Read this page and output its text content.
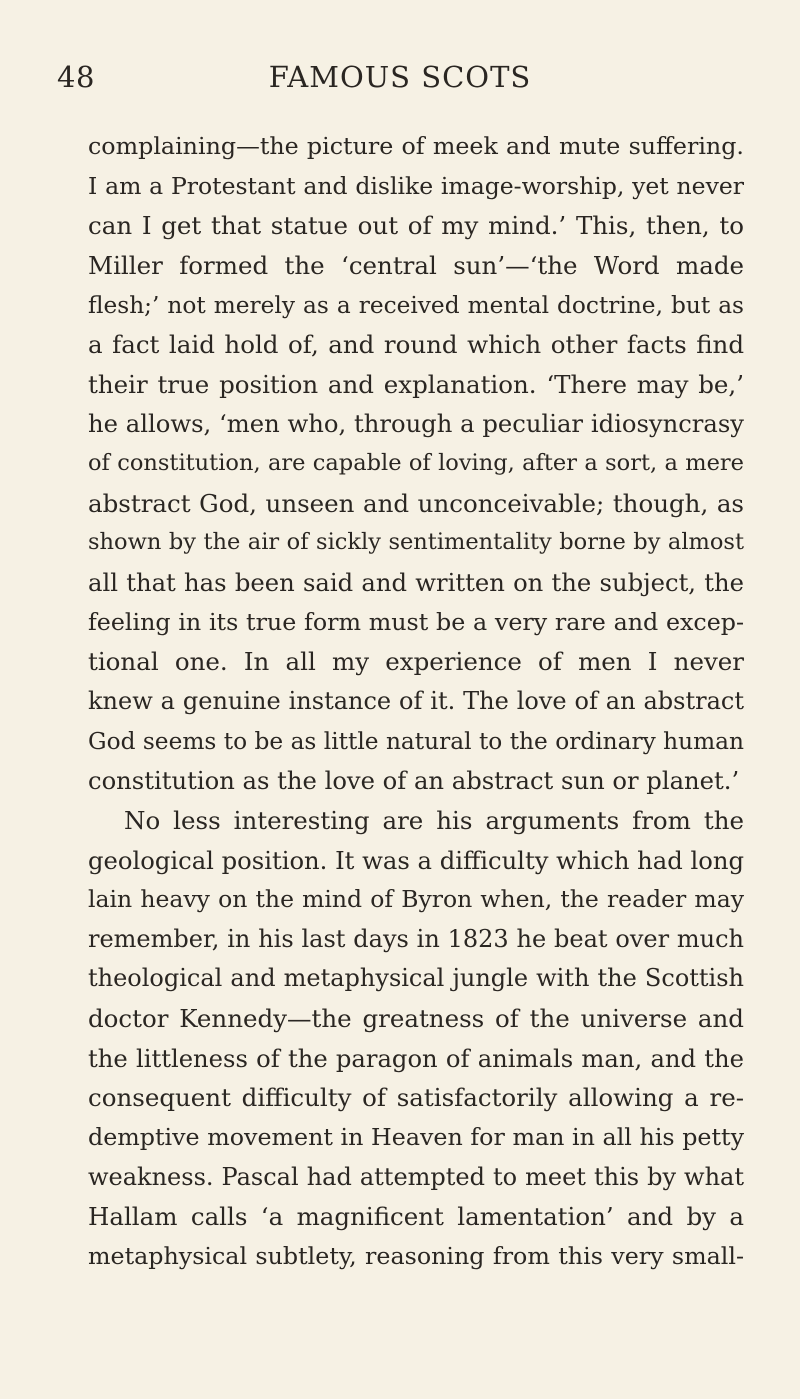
48	FAMOUS SCOTS
complaining—the picture of meek and mute suffering.
I am a Protestant and dislike image-worship, yet never
can I get that statue out of my mind.’ This, then, to
Miller formed the ‘central sun’—‘the Word made
flesh;’ not merely as a received mental doctrine, but as
a fact laid hold of, and round which other facts find
their true position and explanation. ‘There may be,’
he allows, ‘men who, through a peculiar idiosyncrasy
of constitution, are capable of loving, after a sort, a mere
abstract God, unseen and unconceivable; though, as
shown by the air of sickly sentimentality borne by almost
all that has been said and written on the subject, the
feeling in its true form must be a very rare and excep-
tional one. In all my experience of men I never
knew a genuine instance of it. The love of an abstract
God seems to be as little natural to the ordinary human
constitution as the love of an abstract sun or planet.’
No less interesting are his arguments from the
geological position. It was a difficulty which had long
lain heavy on the mind of Byron when, the reader may
remember, in his last days in 1823 he beat over much
theological and metaphysical jungle with the Scottish
doctor Kennedy—the greatness of the universe and
the littleness of the paragon of animals man, and the
consequent difficulty of satisfactorily allowing a re-
demptive movement in Heaven for man in all his petty
weakness. Pascal had attempted to meet this by what
Hallam calls ‘a magnificent lamentation’ and by a
metaphysical subtlety, reasoning from this very small-
